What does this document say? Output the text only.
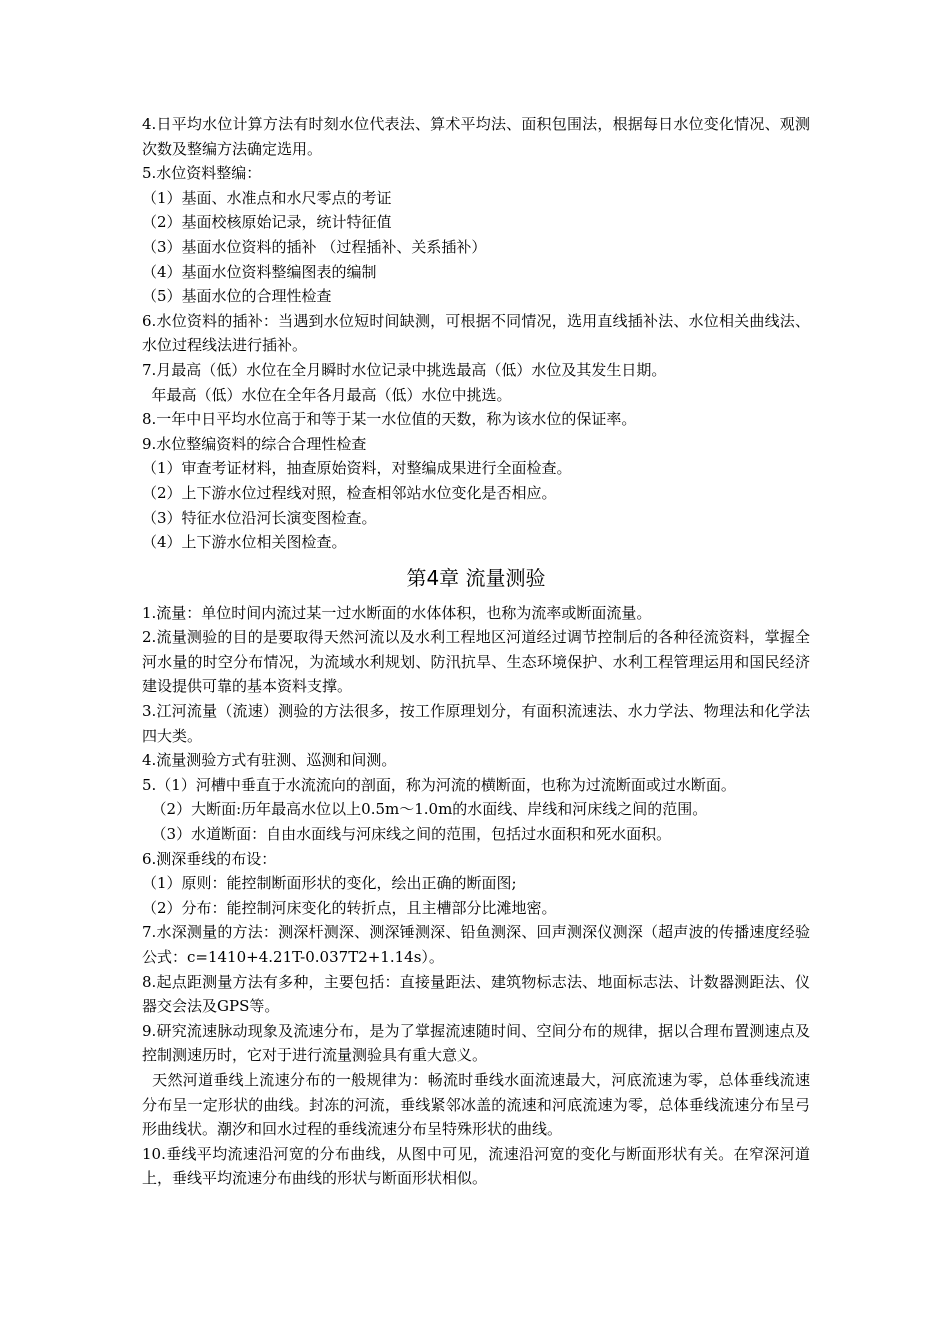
4.日平均水位计算方法有时刻水位代表法、算术平均法、面积包围法，根据每日水位变化情况、观测次数及整编方法确定选用。

5.水位资料整编：

（1）基面、水准点和水尺零点的考证

（2）基面校核原始记录，统计特征值

（3）基面水位资料的插补 （过程插补、关系插补）

（4）基面水位资料整编图表的编制

（5）基面水位的合理性检查

6.水位资料的插补：当遇到水位短时间缺测，可根据不同情况，选用直线插补法、水位相关曲线法、水位过程线法进行插补。

7.月最高（低）水位在全月瞬时水位记录中挑选最高（低）水位及其发生日期。

年最高（低）水位在全年各月最高（低）水位中挑选。

8.一年中日平均水位高于和等于某一水位值的天数，称为该水位的保证率。

9.水位整编资料的综合合理性检查

（1）审查考证材料，抽查原始资料，对整编成果进行全面检查。

（2）上下游水位过程线对照，检查相邻站水位变化是否相应。

（3）特征水位沿河长演变图检查。

（4）上下游水位相关图检查。

第4章 流量测验

1.流量：单位时间内流过某一过水断面的水体体积，也称为流率或断面流量。

2.流量测验的目的是要取得天然河流以及水利工程地区河道经过调节控制后的各种径流资料，掌握全河水量的时空分布情况，为流域水利规划、防汛抗旱、生态环境保护、水利工程管理运用和国民经济建设提供可靠的基本资料支撑。

3.江河流量（流速）测验的方法很多，按工作原理划分，有面积流速法、水力学法、物理法和化学法四大类。

4.流量测验方式有驻测、巡测和间测。

5.（1）河槽中垂直于水流流向的剖面，称为河流的横断面，也称为过流断面或过水断面。

（2）大断面:历年最高水位以上0.5m～1.0m的水面线、岸线和河床线之间的范围。

（3）水道断面：自由水面线与河床线之间的范围，包括过水面积和死水面积。

6.测深垂线的布设：

（1）原则：能控制断面形状的变化，绘出正确的断面图;

（2）分布：能控制河床变化的转折点，且主槽部分比滩地密。

7.水深测量的方法：测深杆测深、测深锤测深、铅鱼测深、回声测深仪测深（超声波的传播速度经验公式：c=1410+4.21T-0.037T2+1.14s）。

8.起点距测量方法有多种，主要包括：直接量距法、建筑物标志法、地面标志法、计数器测距法、仪器交会法及GPS等。

9.研究流速脉动现象及流速分布，是为了掌握流速随时间、空间分布的规律，据以合理布置测速点及控制测速历时，它对于进行流量测验具有重大意义。

天然河道垂线上流速分布的一般规律为：畅流时垂线水面流速最大，河底流速为零，总体垂线流速分布呈一定形状的曲线。封冻的河流，垂线紧邻冰盖的流速和河底流速为零，总体垂线流速分布呈弓形曲线状。潮汐和回水过程的垂线流速分布呈特殊形状的曲线。

10.垂线平均流速沿河宽的分布曲线，从图中可见，流速沿河宽的变化与断面形状有关。在窄深河道上，垂线平均流速分布曲线的形状与断面形状相似。
